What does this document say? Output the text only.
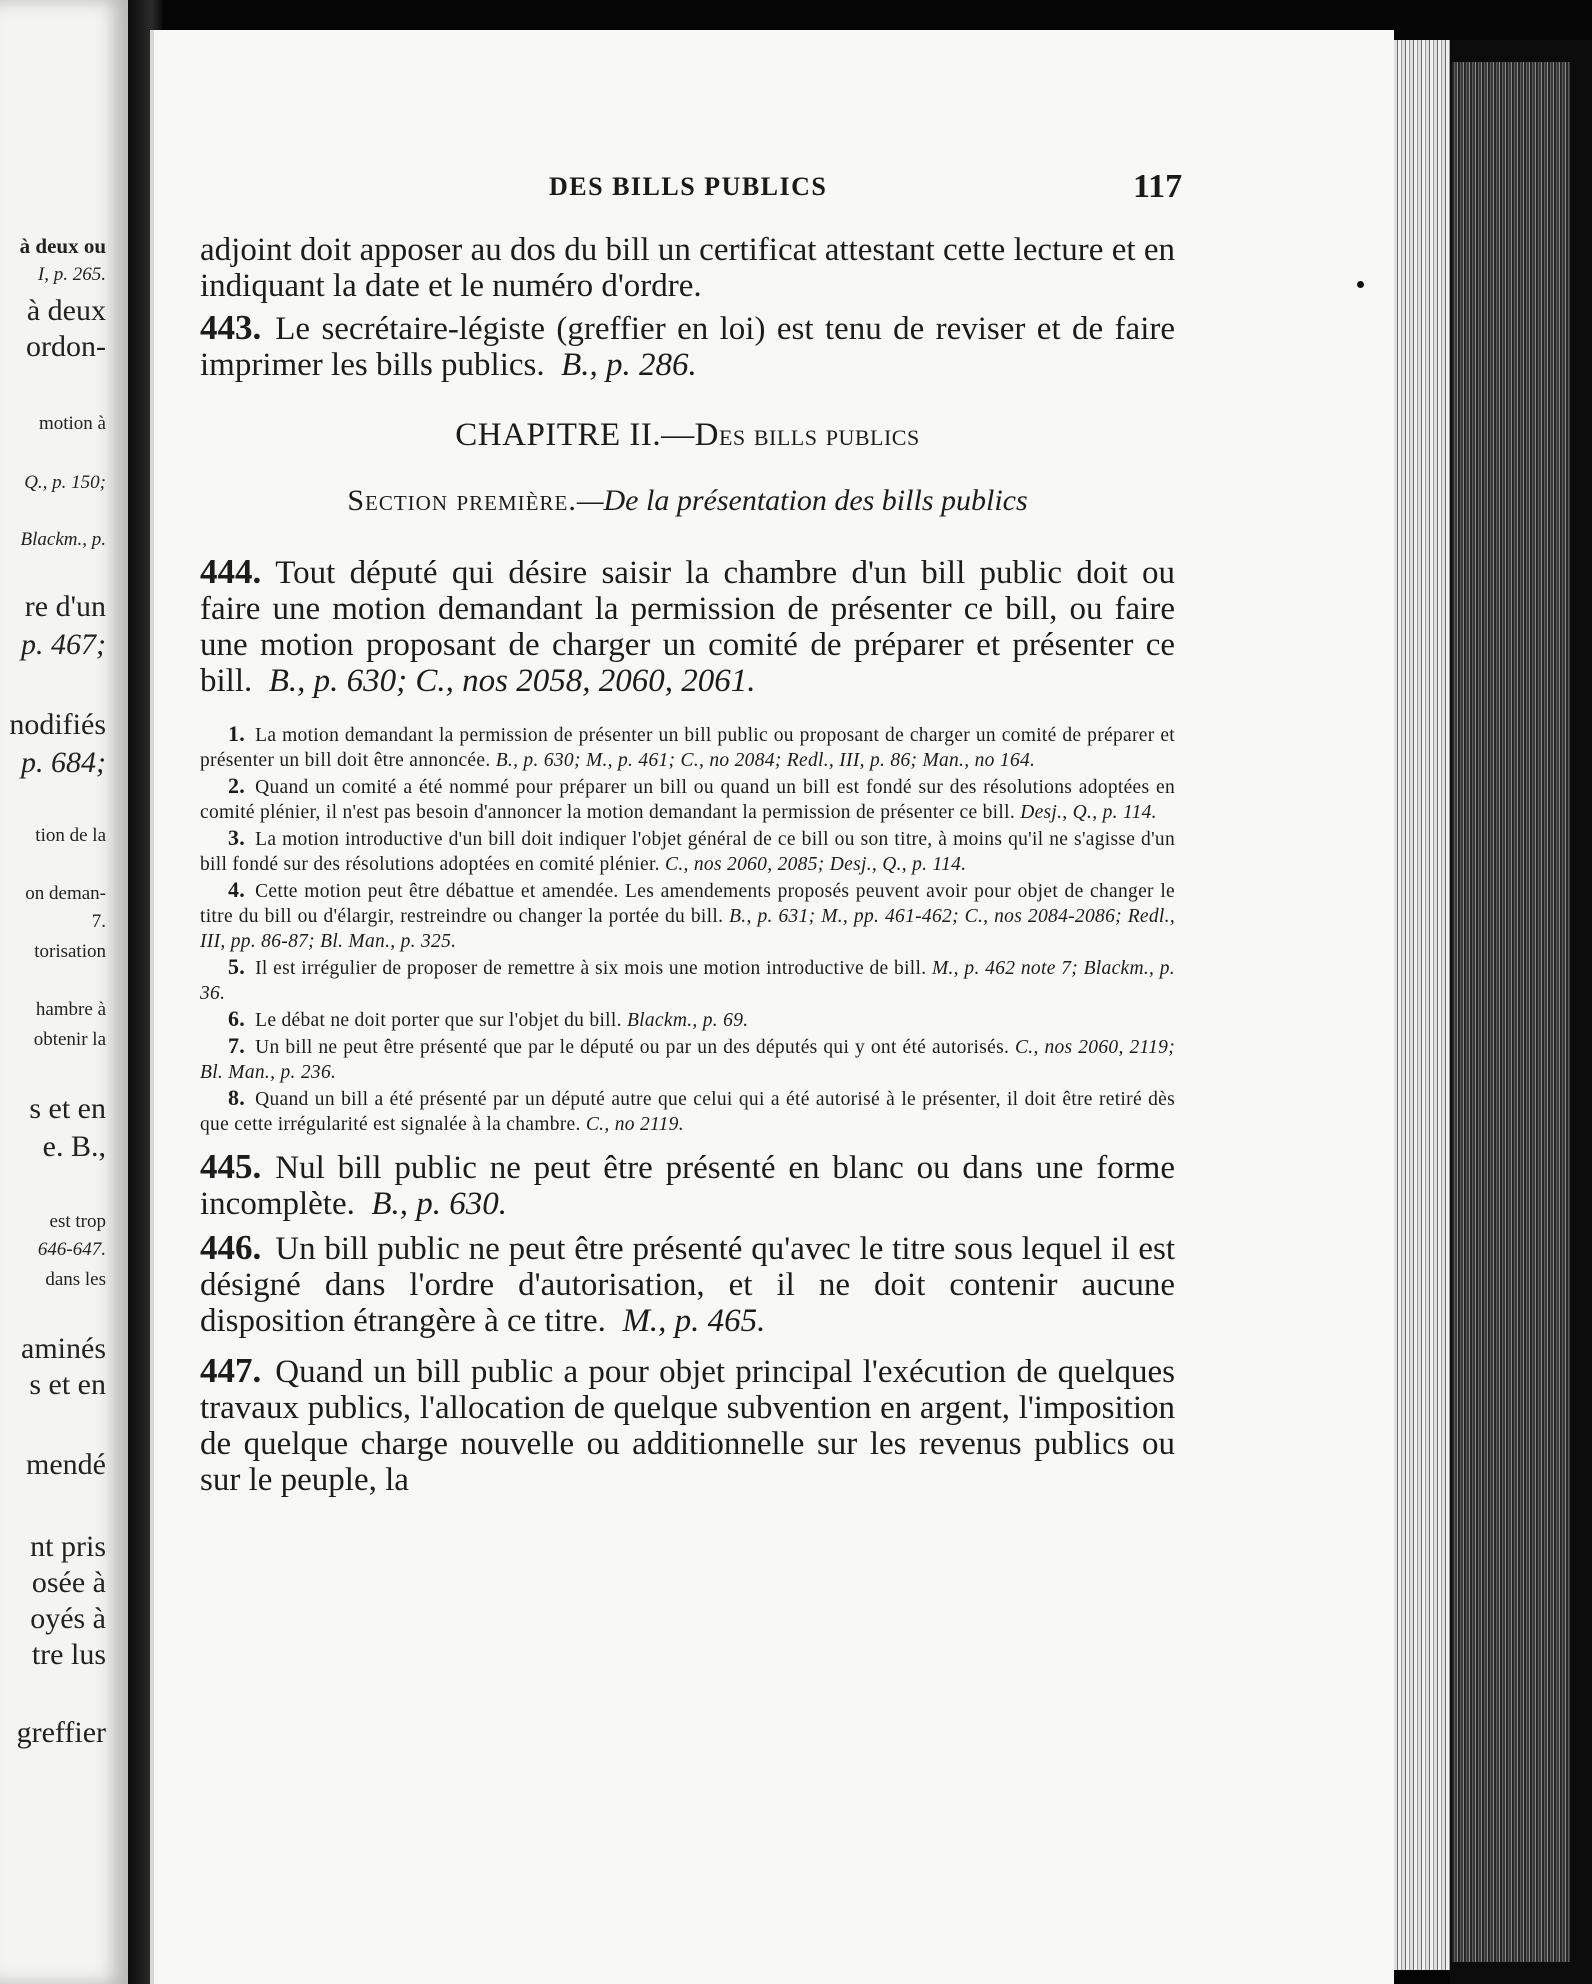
à deux ou
I, p. 265.
à deux
ordon-
motion à
Q., p. 150;
Blackm., p.
re d'un
p. 467;
nodifiés
p. 684;
tion de la
on deman-
7.
torisation
hambre à
obtenir la
s et en
e. B.,
est trop
646-647.
dans les
aminés
s et en
mendé
nt pris
osée à
oyés à
tre lus
greffier
DES BILLS PUBLICS	117

adjoint doit apposer au dos du bill un certificat attestant cette lecture et en indiquant la date et le numéro d'ordre.

443. Le secrétaire-légiste (greffier en loi) est tenu de reviser et de faire imprimer les bills publics. B., p. 286.

CHAPITRE II.—Des bills publics
Section première.—De la présentation des bills publics

444. Tout député qui désire saisir la chambre d'un bill public doit ou faire une motion demandant la permission de présenter ce bill, ou faire une motion proposant de charger un comité de préparer et présenter ce bill. B., p. 630; C., nos 2058, 2060, 2061.

1. La motion demandant la permission de présenter un bill public ou proposant de charger un comité de préparer et présenter un bill doit être annoncée. B., p. 630; M., p. 461; C., no 2084; Redl., III, p. 86; Man., no 164.

2. Quand un comité a été nommé pour préparer un bill ou quand un bill est fondé sur des résolutions adoptées en comité plénier, il n'est pas besoin d'annoncer la motion demandant la permission de présenter ce bill. Desj., Q., p. 114.

3. La motion introductive d'un bill doit indiquer l'objet général de ce bill ou son titre, à moins qu'il ne s'agisse d'un bill fondé sur des résolutions adoptées en comité plénier. C., nos 2060, 2085; Desj., Q., p. 114.

4. Cette motion peut être débattue et amendée. Les amendements proposés peuvent avoir pour objet de changer le titre du bill ou d'élargir, restreindre ou changer la portée du bill. B., p. 631; M., pp. 461-462; C., nos 2084-2086; Redl., III, pp. 86-87; Bl. Man., p. 325.

5. Il est irrégulier de proposer de remettre à six mois une motion introductive de bill. M., p. 462 note 7; Blackm., p. 36.

6. Le débat ne doit porter que sur l'objet du bill. Blackm., p. 69.

7. Un bill ne peut être présenté que par le député ou par un des députés qui y ont été autorisés. C., nos 2060, 2119; Bl. Man., p. 236.

8. Quand un bill a été présenté par un député autre que celui qui a été autorisé à le présenter, il doit être retiré dès que cette irrégularité est signalée à la chambre. C., no 2119.

445. Nul bill public ne peut être présenté en blanc ou dans une forme incomplète. B., p. 630.

446. Un bill public ne peut être présenté qu'avec le titre sous lequel il est désigné dans l'ordre d'autorisation, et il ne doit contenir aucune disposition étrangère à ce titre. M., p. 465.

447. Quand un bill public a pour objet principal l'exécution de quelques travaux publics, l'allocation de quelque subvention en argent, l'imposition de quelque charge nouvelle ou additionnelle sur les revenus publics ou sur le peuple, la
